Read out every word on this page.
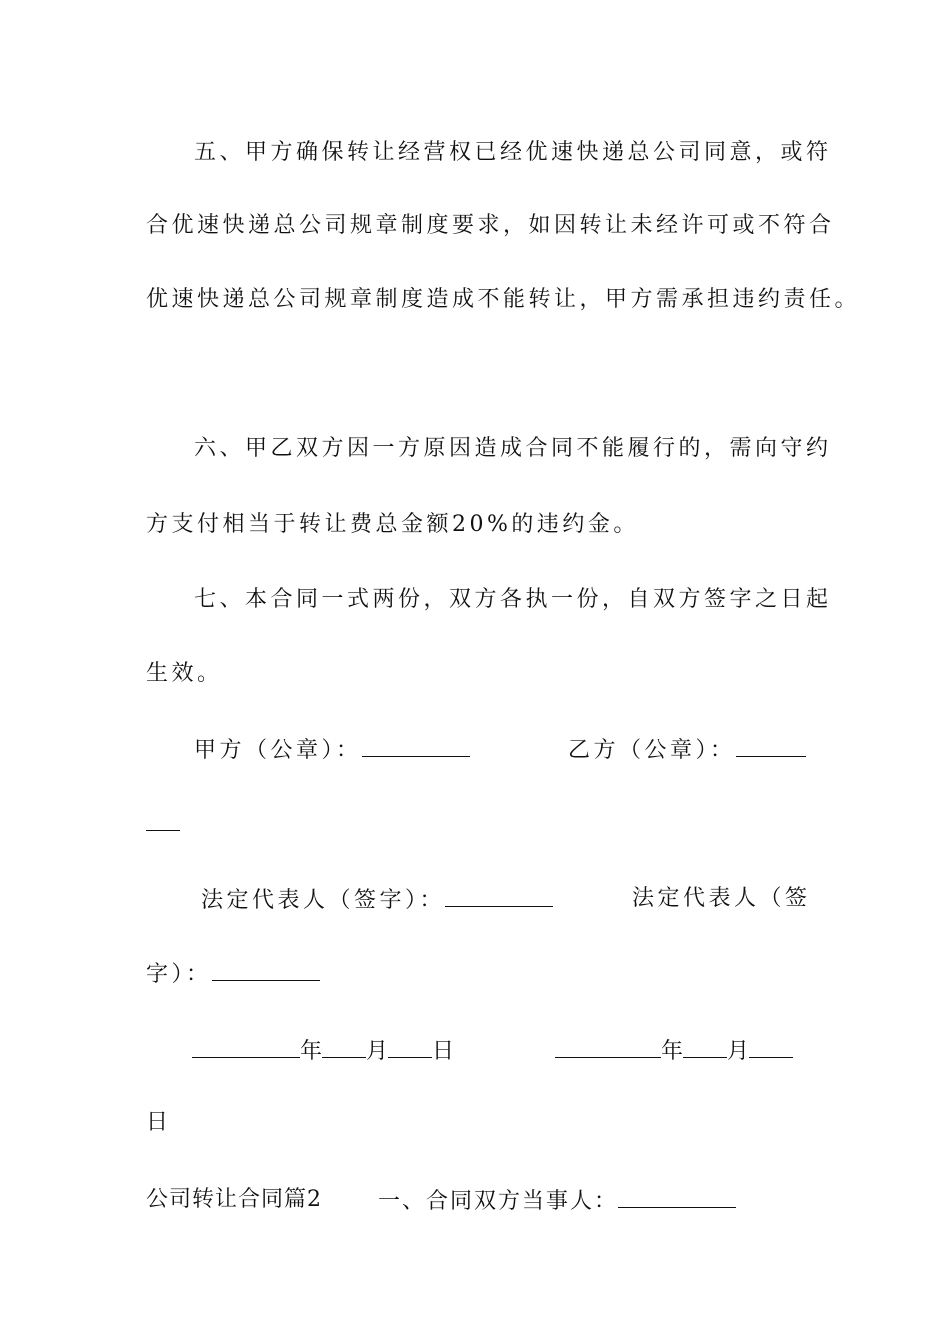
五、甲方确保转让经营权已经优速快递总公司同意，或符
合优速快递总公司规章制度要求，如因转让未经许可或不符合
优速快递总公司规章制度造成不能转让，甲方需承担违约责任。
六、甲乙双方因一方原因造成合同不能履行的，需向守约
方支付相当于转让费总金额20%的违约金。
七、本合同一式两份，双方各执一份，自双方签字之日起
生效。
甲方（公章）：	乙方（公章）：
法定代表人（签字）：	法定代表人（签
字）：
年 月 日	年 月
日
公司转让合同篇2	一、合同双方当事人：
